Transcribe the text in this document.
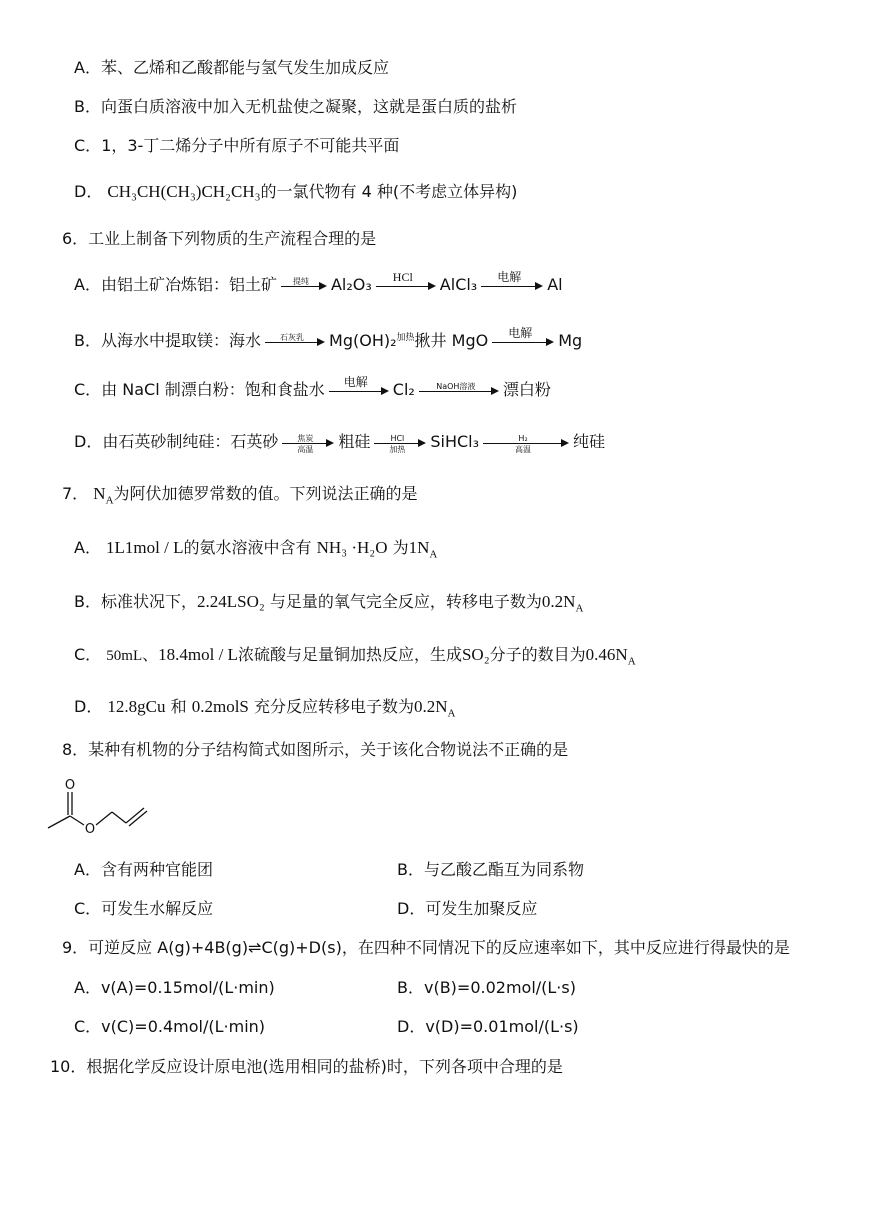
A．苯、乙烯和乙酸都能与氢气发生加成反应
B．向蛋白质溶液中加入无机盐使之凝聚，这就是蛋白质的盐析
C．1，3-丁二烯分子中所有原子不可能共平面
D． CH₃CH(CH₃)CH₂CH₃的一氯代物有 4 种(不考虑立体异构)
6．工业上制备下列物质的生产流程合理的是
A．由铝土矿冶炼铝：铝土矿	提纯	Al₂O₃	HCl	AlCl₃	电解	Al
B．从海水中提取镁：海水	石灰乳	Mg(OH)₂$^{加热}$揪井 MgO	电解	Mg
C．由 NaCl 制漂白粉：饱和食盐水	电解	Cl₂	NaOH溶液	漂白粉
D．由石英砂制纯硅：石英砂	焦炭
高温	粗硅	HCl
加热	SiHCl₃	H₂
高温	纯硅
7． $N_A$为阿伏加德罗常数的值。下列说法正确的是
A． 1L1mol / L的氨水溶液中含有 NH₃ ·H₂O 为$1N_A$
B．标准状况下，2.24LSO₂ 与足量的氧气完全反应，转移电子数为$0.2N_A$
C． 50mL、18.4mol / L浓硫酸与足量铜加热反应，生成SO₂分子的数目为$0.46N_A$
D． 12.8gCu 和 0.2molS 充分反应转移电子数为$0.2N_A$
8．某种有机物的分子结构简式如图所示，关于该化合物说法不正确的是
O
O
A．含有两种官能团	B．与乙酸乙酯互为同系物
C．可发生水解反应	D．可发生加聚反应
9．可逆反应 A(g)+4B(g)⇌C(g)+D(s)，在四种不同情况下的反应速率如下，其中反应进行得最快的是
A．v(A)=0.15mol/(L·min)	B．v(B)=0.02mol/(L·s)
C．v(C)=0.4mol/(L·min)	D．v(D)=0.01mol/(L·s)
10．根据化学反应设计原电池(选用相同的盐桥)时，下列各项中合理的是
